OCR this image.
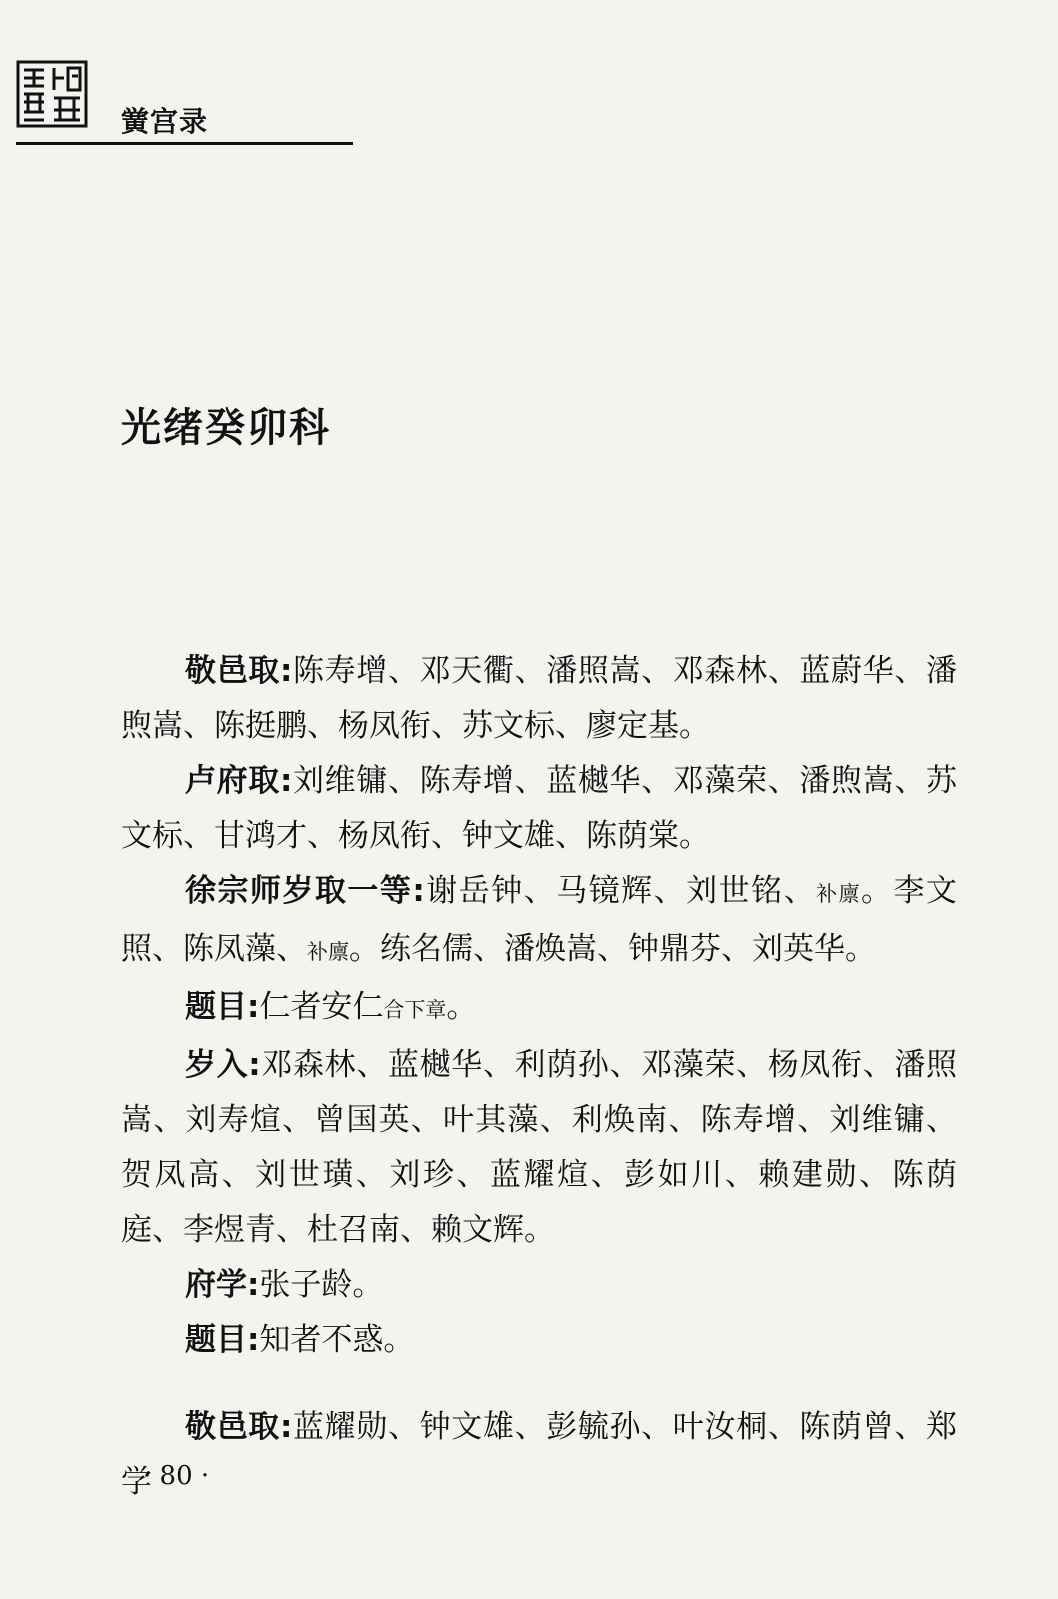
黉宫录
光绪癸卯科

敬邑取:陈寿增、邓天衢、潘照嵩、邓森林、蓝蔚华、潘煦嵩、陈挺鹏、杨凤衔、苏文标、廖定基。

卢府取:刘维镛、陈寿增、蓝樾华、邓藻荣、潘煦嵩、苏文标、甘鸿才、杨凤衔、钟文雄、陈荫棠。

徐宗师岁取一等:谢岳钟、马镜辉、刘世铭、补廪。李文照、陈凤藻、补廪。练名儒、潘焕嵩、钟鼎芬、刘英华。

题目:仁者安仁合下章。

岁入:邓森林、蓝樾华、利荫孙、邓藻荣、杨凤衔、潘照嵩、刘寿煊、曾国英、叶其藻、利焕南、陈寿增、刘维镛、贺凤高、刘世璜、刘珍、蓝耀煊、彭如川、赖建勋、陈荫庭、李煜青、杜召南、赖文辉。

府学:张子龄。

题目:知者不惑。

敬邑取:蓝耀勋、钟文雄、彭毓孙、叶汝桐、陈荫曾、郑学

· 80 ·
